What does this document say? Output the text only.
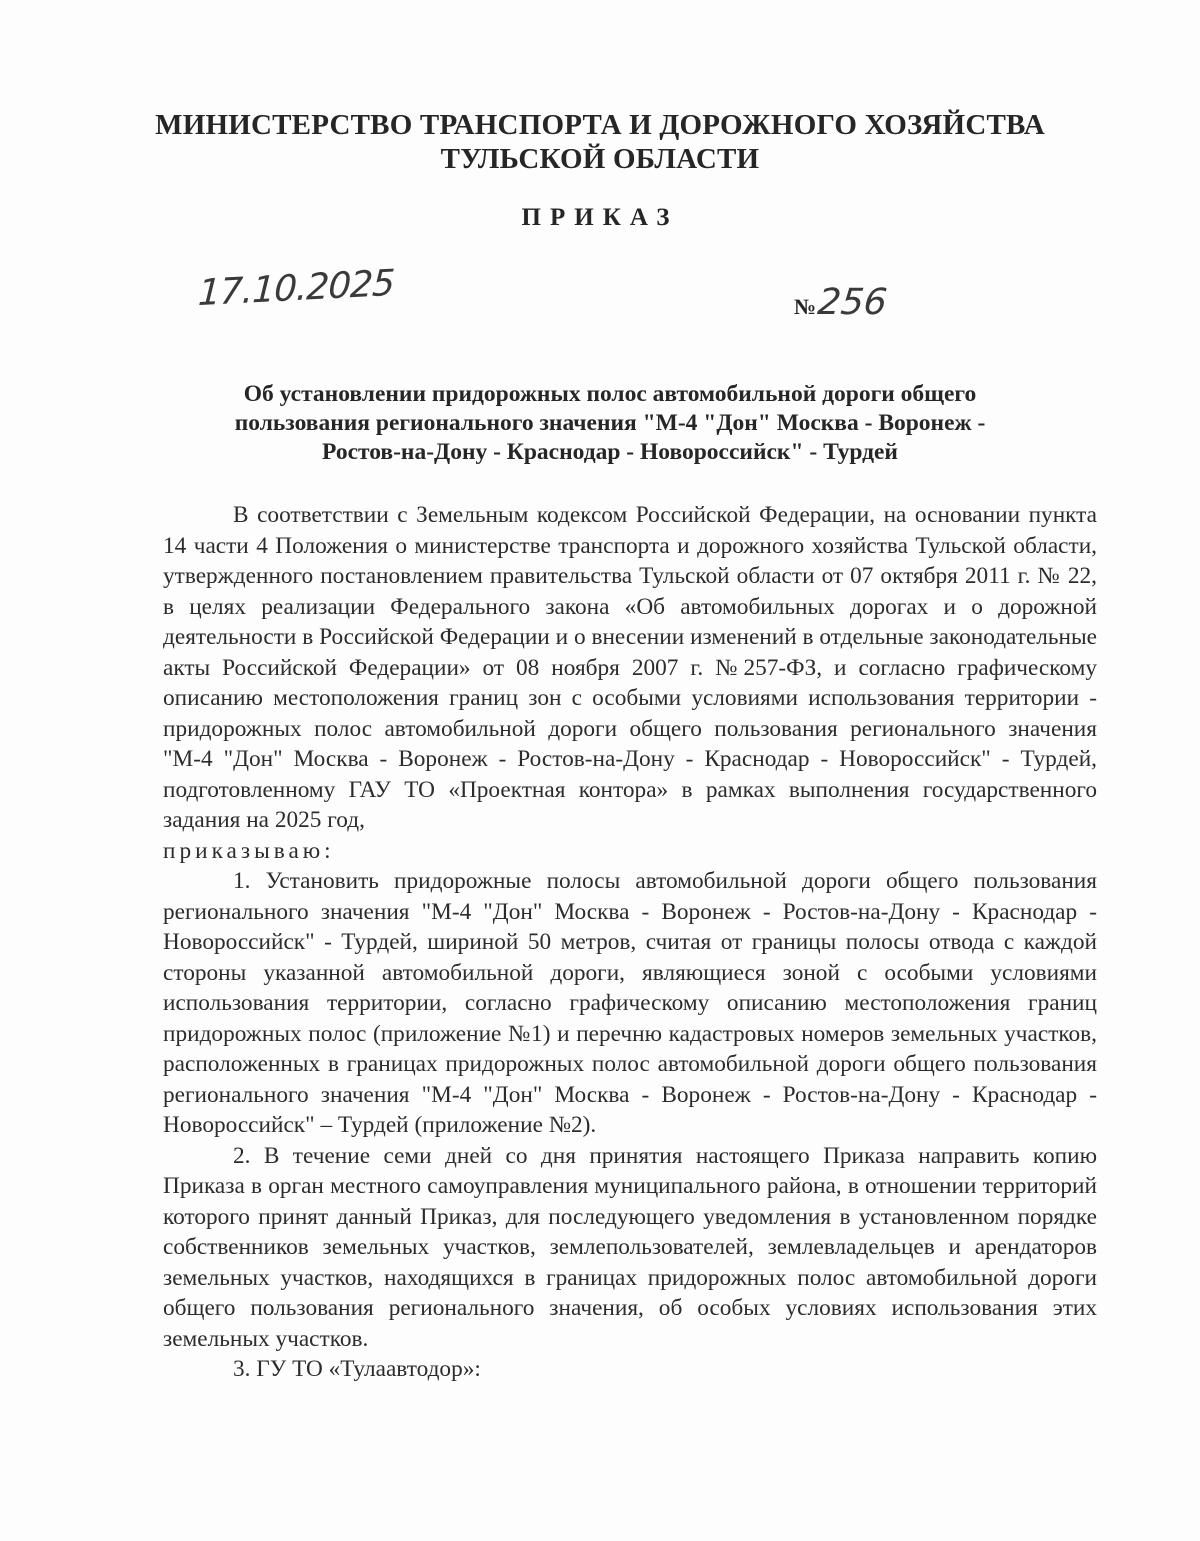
МИНИСТЕРСТВО ТРАНСПОРТА И ДОРОЖНОГО ХОЗЯЙСТВА
ТУЛЬСКОЙ ОБЛАСТИ
ПРИКАЗ
17.10.2025	№ 256
Об установлении придорожных полос автомобильной дороги общего
пользования регионального значения "М-4 "Дон" Москва - Воронеж -
Ростов-на-Дону - Краснодар - Новороссийск" - Турдей

В соответствии с Земельным кодексом Российской Федерации, на основании пункта 14 части 4 Положения о министерстве транспорта и дорожного хозяйства Тульской области, утвержденного постановлением правительства Тульской области от 07 октября 2011 г. № 22, в целях реализации Федерального закона «Об автомобильных дорогах и о дорожной деятельности в Российской Федерации и о внесении изменений в отдельные законодательные акты Российской Федерации» от 08 ноября 2007 г. №257-ФЗ, и согласно графическому описанию местоположения границ зон с особыми условиями использования территории - придорожных полос автомобильной дороги общего пользования регионального значения "М-4 "Дон" Москва - Воронеж - Ростов-на-Дону - Краснодар - Новороссийск" - Турдей, подготовленному ГАУ ТО «Проектная контора» в рамках выполнения государственного задания на 2025 год,

приказываю:

1. Установить придорожные полосы автомобильной дороги общего пользования регионального значения "М-4 "Дон" Москва - Воронеж - Ростов-на-Дону - Краснодар - Новороссийск" - Турдей, шириной 50 метров, считая от границы полосы отвода с каждой стороны указанной автомобильной дороги, являющиеся зоной с особыми условиями использования территории, согласно графическому описанию местоположения границ придорожных полос (приложение №1) и перечню кадастровых номеров земельных участков, расположенных в границах придорожных полос автомобильной дороги общего пользования регионального значения "М-4 "Дон" Москва - Воронеж - Ростов-на-Дону - Краснодар - Новороссийск" – Турдей (приложение №2).

2. В течение семи дней со дня принятия настоящего Приказа направить копию Приказа в орган местного самоуправления муниципального района, в отношении территорий которого принят данный Приказ, для последующего уведомления в установленном порядке собственников земельных участков, землепользователей, землевладельцев и арендаторов земельных участков, находящихся в границах придорожных полос автомобильной дороги общего пользования регионального значения, об особых условиях использования этих земельных участков.

3. ГУ ТО «Тулаавтодор»:
